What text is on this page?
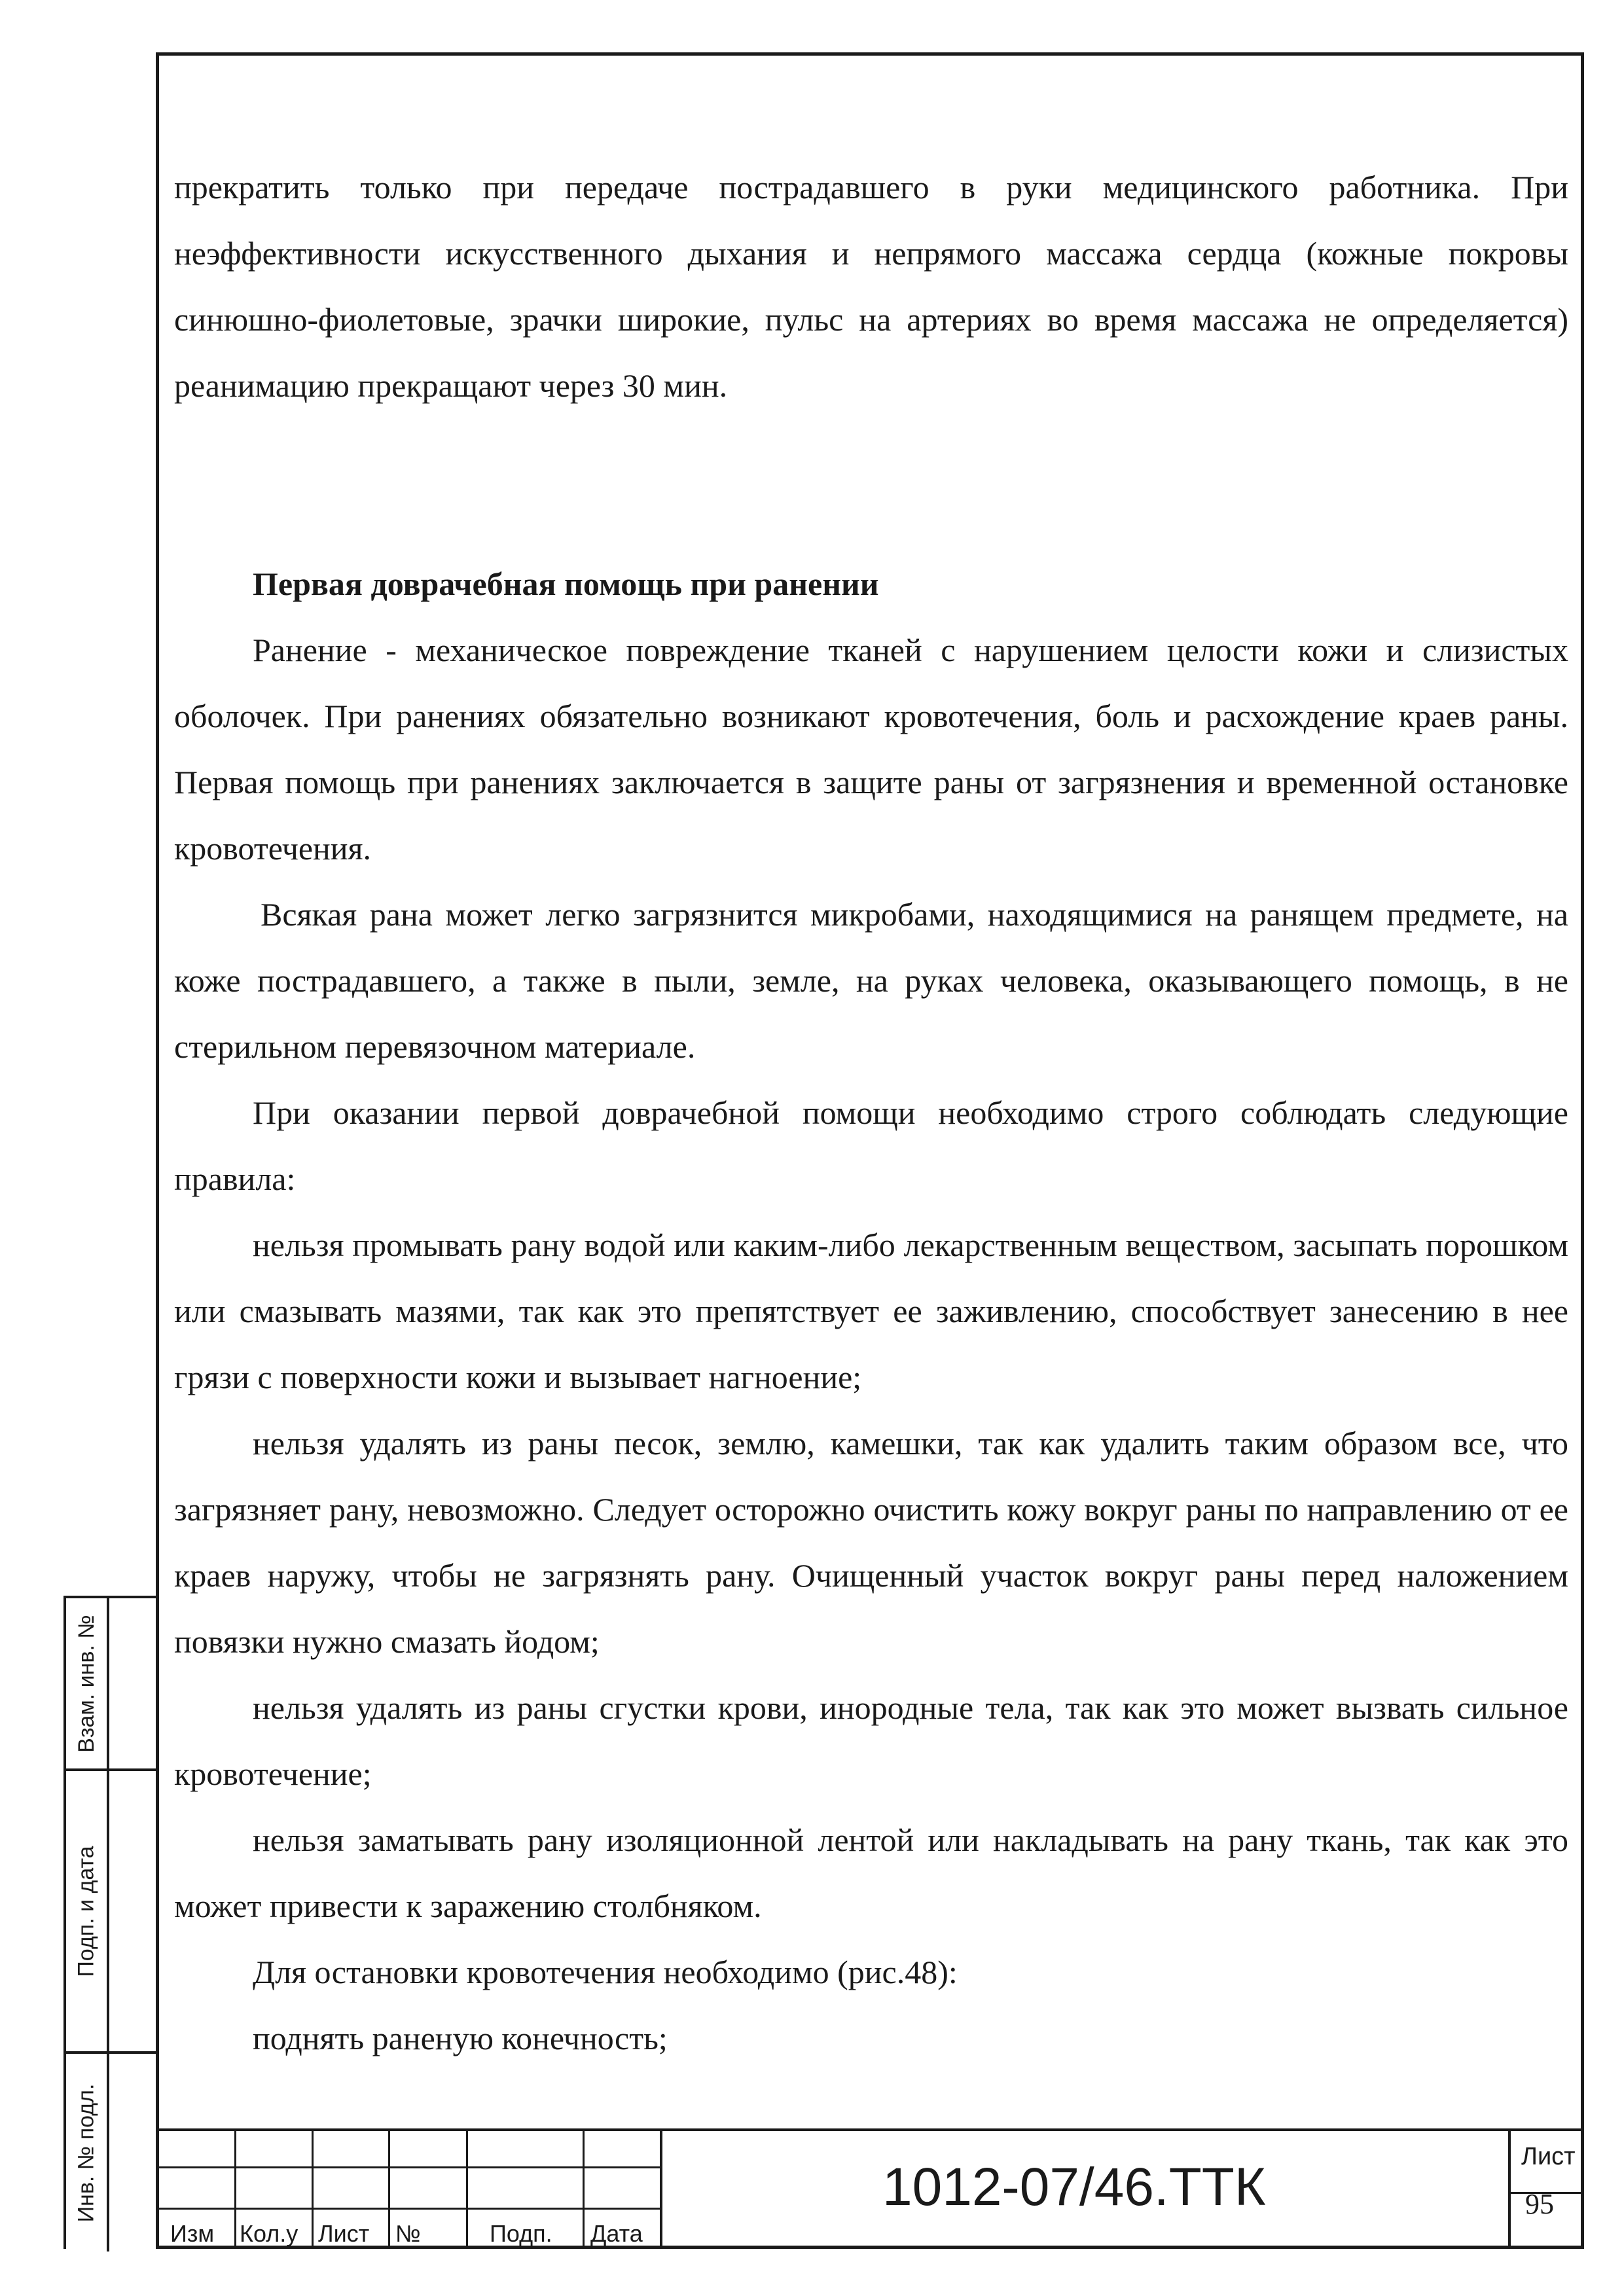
прекратить только при передаче пострадавшего в руки медицинского работника. При неэффективности искусственного дыхания и непрямого массажа сердца (кожные покровы синюшно-фиолетовые, зрачки широкие, пульс на артериях во время массажа не определяется) реанимацию прекращают через 30 мин.

Первая доврачебная помощь при ранении

Ранение - механическое повреждение тканей с нарушением целости кожи и слизистых оболочек. При ранениях обязательно возникают кровотечения, боль и расхождение краев раны. Первая помощь при ранениях заключается в защите раны от загрязнения и временной остановке кровотечения.

Всякая рана может легко загрязнится микробами, находящимися на ранящем предмете, на коже пострадавшего, а также в пыли, земле, на руках человека, оказывающего помощь, в не стерильном перевязочном материале.

При оказании первой доврачебной помощи необходимо строго соблюдать следующие правила:

нельзя промывать рану водой или каким-либо лекарственным веществом, засыпать порошком или смазывать мазями, так как это препятствует ее заживлению, способствует занесению в нее грязи с поверхности кожи и вызывает нагноение;

нельзя удалять из раны песок, землю, камешки, так как удалить таким образом все, что загрязняет рану, невозможно. Следует осторожно очистить кожу вокруг раны по направлению от ее краев наружу, чтобы не загрязнять рану. Очищенный участок вокруг раны перед наложением повязки нужно смазать йодом;

нельзя удалять из раны сгустки крови, инородные тела, так как это может вызвать сильное кровотечение;

нельзя заматывать рану изоляционной лентой или накладывать на рану ткань, так как это может привести к заражению столбняком.

Для остановки кровотечения необходимо (рис.48):

поднять раненую конечность;

Взам. инв. №
Подп. и дата
Инв. № подл.
Изм Кол.у Лист №	Подп. Дата
1012-07/46.ТТК
Лист
95
